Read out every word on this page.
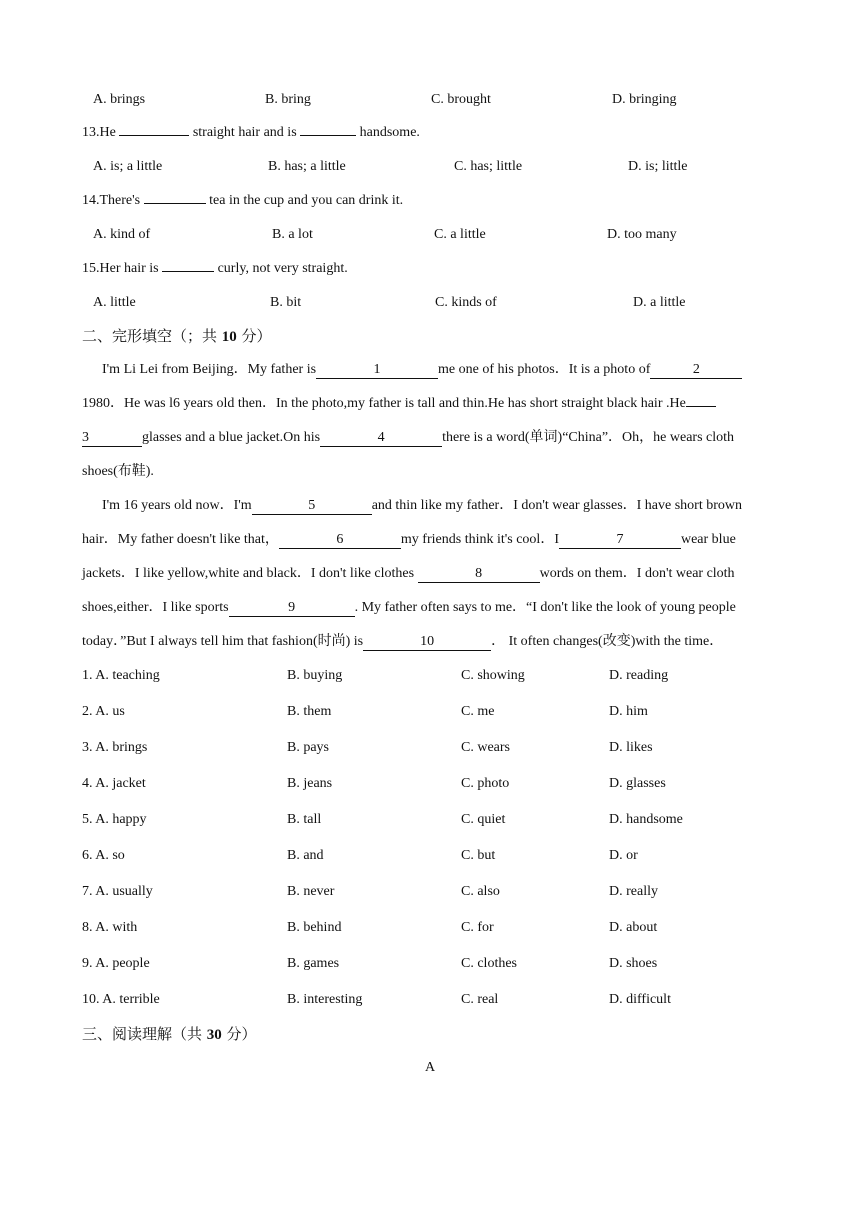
A. brings	B. bring	C. brought	D. bringing
13.He	straight hair and is	handsome.
A. is; a little	B. has; a little	C. has; little	D. is; little
14.There's	tea in the cup and you can drink it.
A. kind of	B. a lot	C. a little	D. too many
15.Her hair is	curly, not very straight.
A. little	B. bit	C. kinds of	D. a little
二、完形填空（；共 10 分）
I'm Li Lei from Beijing．My father is	1	me one of his photos．It is a photo of	2
1980．He was l6 years old then．In the photo,my father is tall and thin.He has short straight black hair .He
3	glasses and a blue jacket.On his	4	there is a word(单词)“China”．Oh，he wears cloth
shoes(布鞋).
I'm 16 years old now．I'm	5	and thin like my father．I don't wear glasses．I have short brown
hair．My father doesn't like that，	6	my friends think it's cool．I	7	wear blue
jackets．I like yellow,white and black．I don't like clothes	8	words on them．I don't wear cloth
shoes,either．I like sports	9	. My father often says to me．“I don't like the look of young people
today．”But I always tell him that fashion(时尚) is	10	． It often changes(改变)with the time．
1. A. teaching	B. buying	C. showing	D. reading
2. A. us	B. them	C. me	D. him
3. A. brings	B. pays	C. wears	D. likes
4. A. jacket	B. jeans	C. photo	D. glasses
5. A. happy	B. tall	C. quiet	D. handsome
6. A. so	B. and	C. but	D. or
7. A. usually	B. never	C. also	D. really
8. A. with	B. behind	C. for	D. about
9. A. people	B. games	C. clothes	D. shoes
10. A. terrible	B. interesting	C. real	D. difficult
三、阅读理解（共 30 分）
A
